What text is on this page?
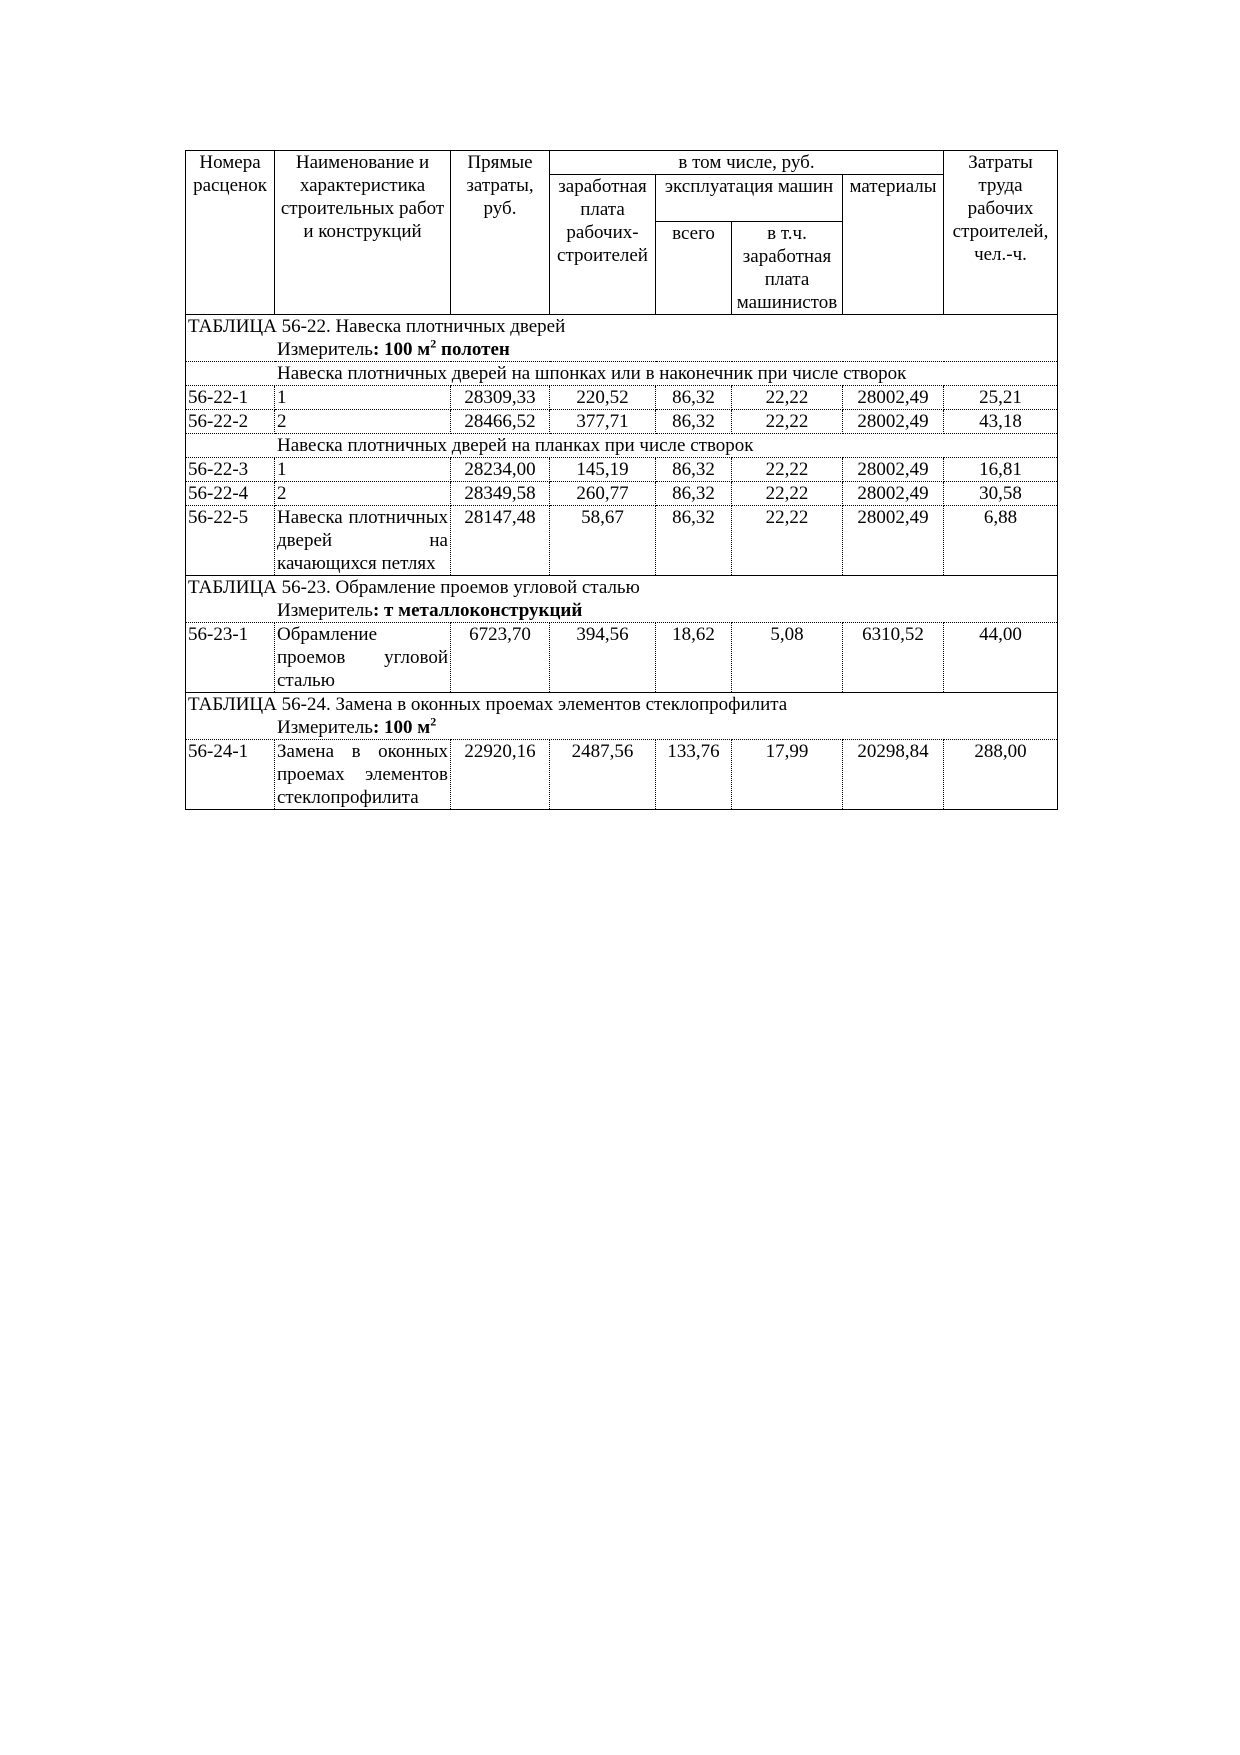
Номера расценок	Наименование и характеристика строительных работ и конструкций	Прямые затраты, руб.	в том числе, руб.				Затраты труда рабочих строителей, чел.-ч.
			заработная плата рабочих-строителей	эксплуатация машин		материалы	
				всего	в т.ч. заработная плата машинистов		
ТАБЛИЦА 56-22. Навеска плотничных дверей							
Измеритель: 100 $м^2$ полотен							
Навеска плотничных дверей на шпонках или в наконечник при числе створок							
56-22-1	1	28309,33	220,52	86,32	22,22	28002,49	25,21
56-22-2	2	28466,52	377,71	86,32	22,22	28002,49	43,18
Навеска плотничных дверей на планках при числе створок							
56-22-3	1	28234,00	145,19	86,32	22,22	28002,49	16,81
56-22-4	2	28349,58	260,77	86,32	22,22	28002,49	30,58
56-22-5	Навеска плотничных дверей на качающихся петлях	28147,48	58,67	86,32	22,22	28002,49	6,88
ТАБЛИЦА 56-23. Обрамление проемов угловой сталью							
Измеритель: т металлоконструкций							
56-23-1	Обрамление проемов угловой сталью	6723,70	394,56	18,62	5,08	6310,52	44,00
ТАБЛИЦА 56-24. Замена в оконных проемах элементов стеклопрофилита							
Измеритель: 100 $м^2$
56-24-1	Замена в оконных проемах элементов стеклопрофилита	22920,16	2487,56	133,76	17,99	20298,84	288,00
